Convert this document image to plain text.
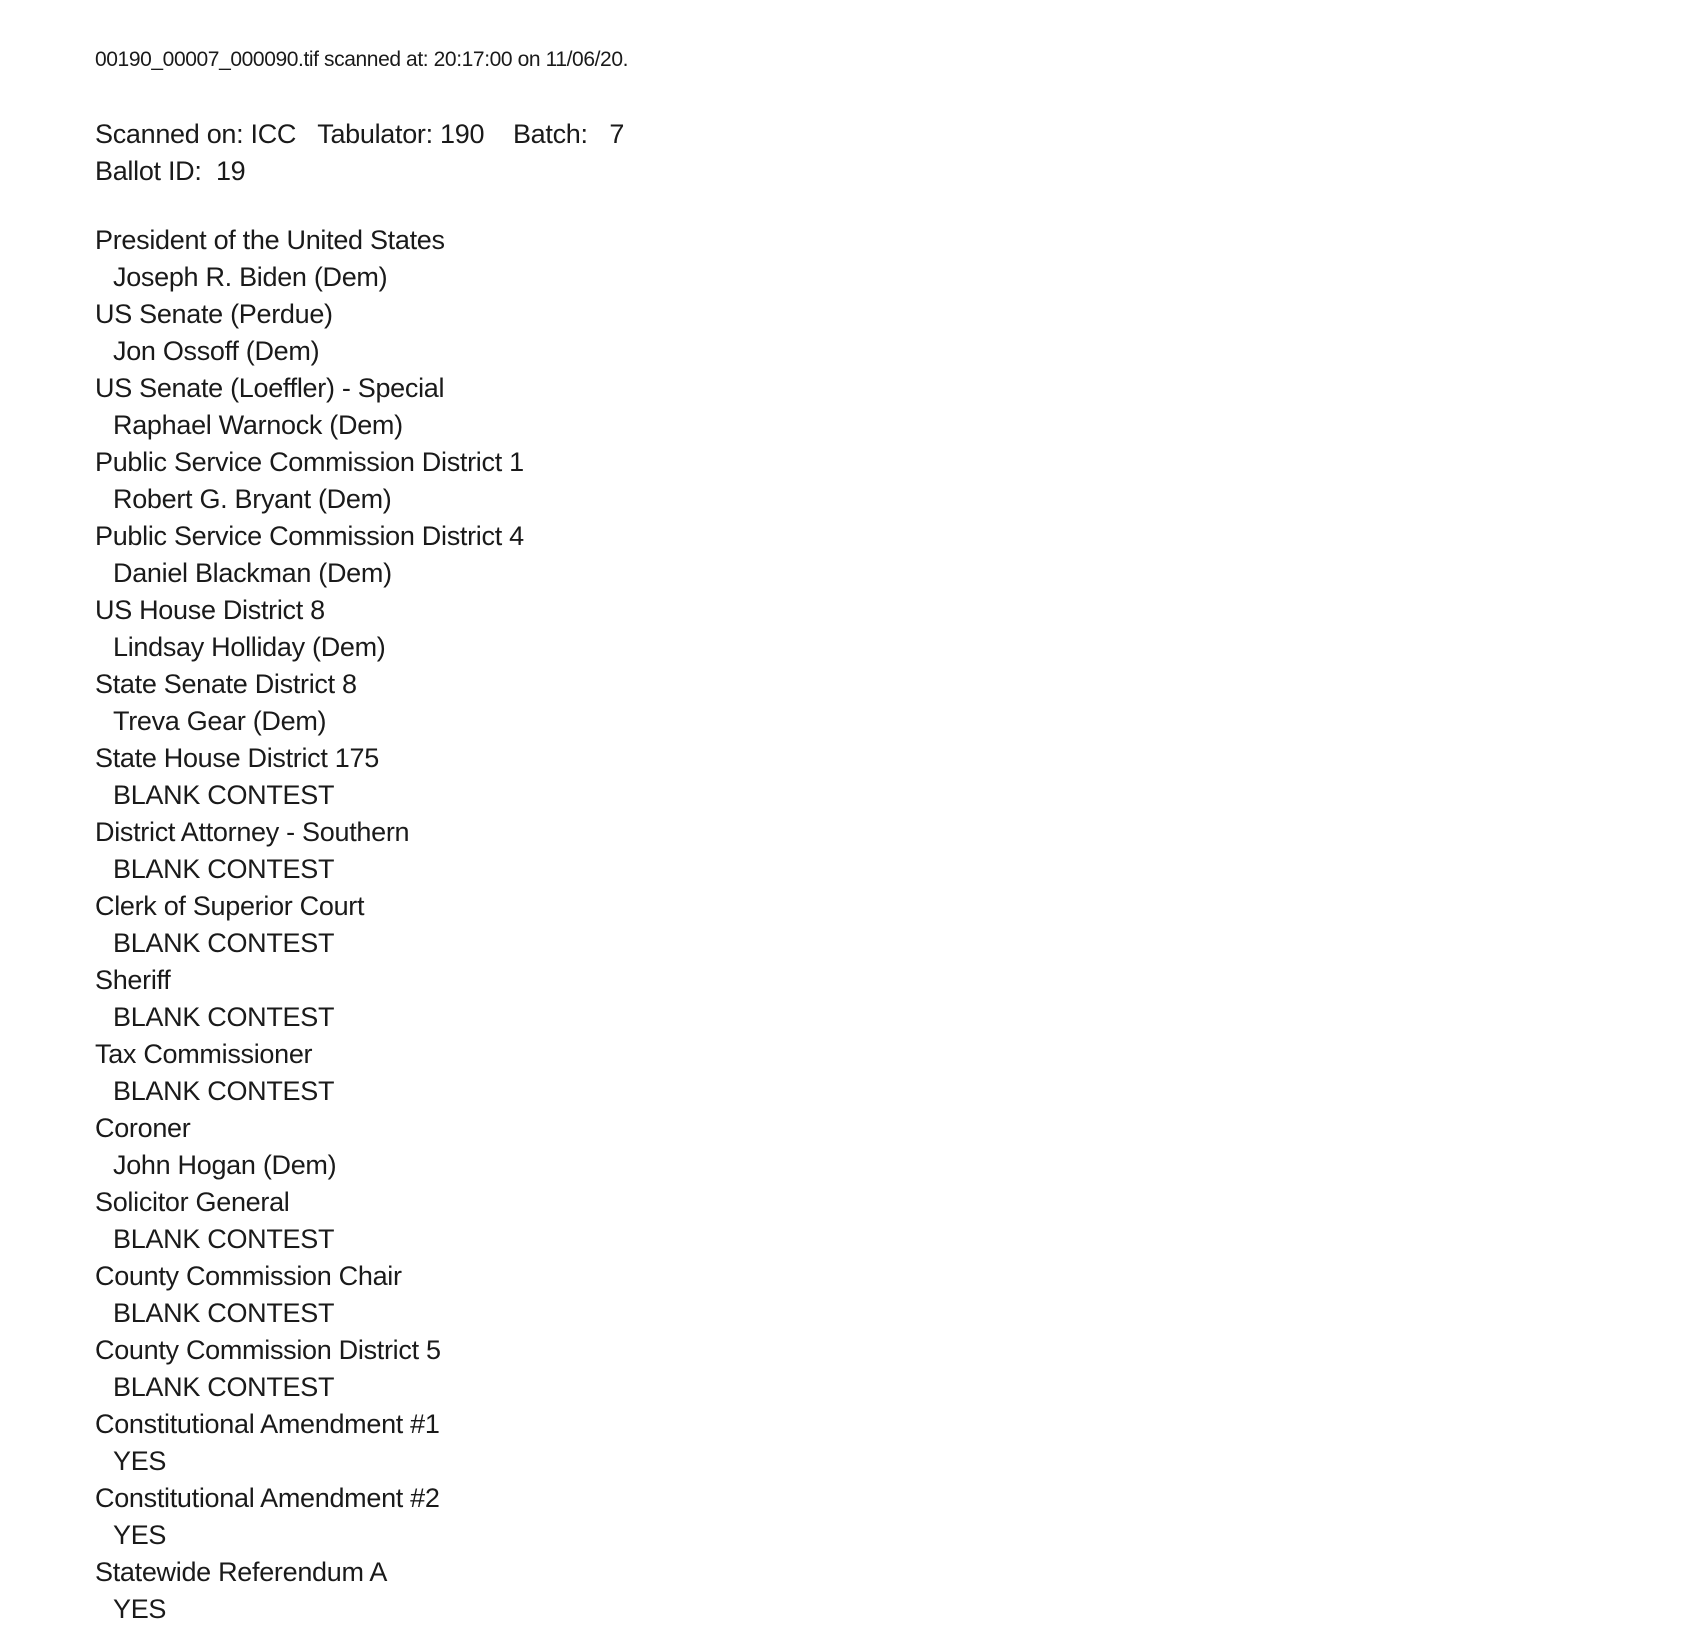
00190_00007_000090.tif scanned at: 20:17:00 on 11/06/20.
Scanned on: ICC   Tabulator: 190    Batch:   7
Ballot ID:  19
President of the United States
Joseph R. Biden (Dem)
US Senate (Perdue)
Jon Ossoff (Dem)
US Senate (Loeffler) - Special
Raphael Warnock (Dem)
Public Service Commission District 1
Robert G. Bryant (Dem)
Public Service Commission District 4
Daniel Blackman (Dem)
US House District 8
Lindsay Holliday (Dem)
State Senate District 8
Treva Gear (Dem)
State House District 175
BLANK CONTEST
District Attorney - Southern
BLANK CONTEST
Clerk of Superior Court
BLANK CONTEST
Sheriff
BLANK CONTEST
Tax Commissioner
BLANK CONTEST
Coroner
John Hogan (Dem)
Solicitor General
BLANK CONTEST
County Commission Chair
BLANK CONTEST
County Commission District 5
BLANK CONTEST
Constitutional Amendment #1
YES
Constitutional Amendment #2
YES
Statewide Referendum A
YES
